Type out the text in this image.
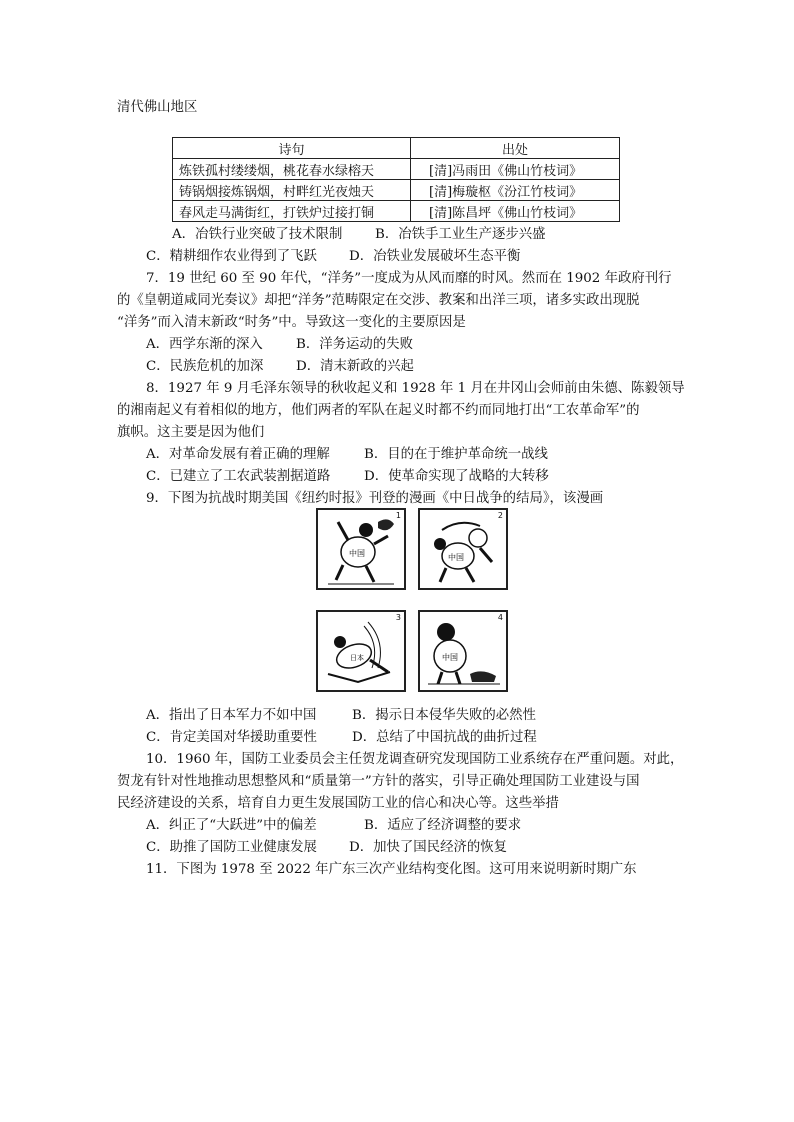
清代佛山地区
诗句	出处
炼铁孤村缕缕烟，桃花春水绿榕天	[清]冯雨田《佛山竹枝词》
铸锅烟接炼锅烟，村畔红光夜烛天	[清]梅璇枢《汾江竹枝词》
春风走马满街红，打铁炉过接打铜	[清]陈昌坪《佛山竹枝词》
A．冶铁行业突破了技术限制 B．冶铁手工业生产逐步兴盛
C．精耕细作农业得到了飞跃 D．冶铁业发展破坏生态平衡
7．19 世纪 60 至 90 年代，“洋务”一度成为从风而靡的时风。然而在 1902 年政府刊行
的《皇朝道咸同光奏议》却把“洋务”范畴限定在交涉、教案和出洋三项，诸多实政出现脱
“洋务”而入清末新政“时务”中。导致这一变化的主要原因是
A．西学东渐的深入 B．洋务运动的失败
C．民族危机的加深 D．清末新政的兴起
8．1927 年 9 月毛泽东领导的秋收起义和 1928 年 1 月在井冈山会师前由朱德、陈毅领导
的湘南起义有着相似的地方，他们两者的军队在起义时都不约而同地打出“工农革命军”的
旗帜。这主要是因为他们
A．对革命发展有着正确的理解	B．目的在于维护革命统一战线
C．已建立了工农武装割据道路	D．使革命实现了战略的大转移
9．下图为抗战时期美国《纽约时报》刊登的漫画《中日战争的结局》，该漫画
1
中国
2
中国
3
日本
4
中国
A．指出了日本军力不如中国	B．揭示日本侵华失败的必然性
C．肯定美国对华援助重要性	D．总结了中国抗战的曲折过程
10．1960 年，国防工业委员会主任贺龙调查研究发现国防工业系统存在严重问题。对此，
贺龙有针对性地推动思想整风和“质量第一”方针的落实，引导正确处理国防工业建设与国
民经济建设的关系，培育自力更生发展国防工业的信心和决心等。这些举措
A．纠正了“大跃进”中的偏差	B．适应了经济调整的要求
C．助推了国防工业健康发展 D．加快了国民经济的恢复
11．下图为 1978 至 2022 年广东三次产业结构变化图。这可用来说明新时期广东
